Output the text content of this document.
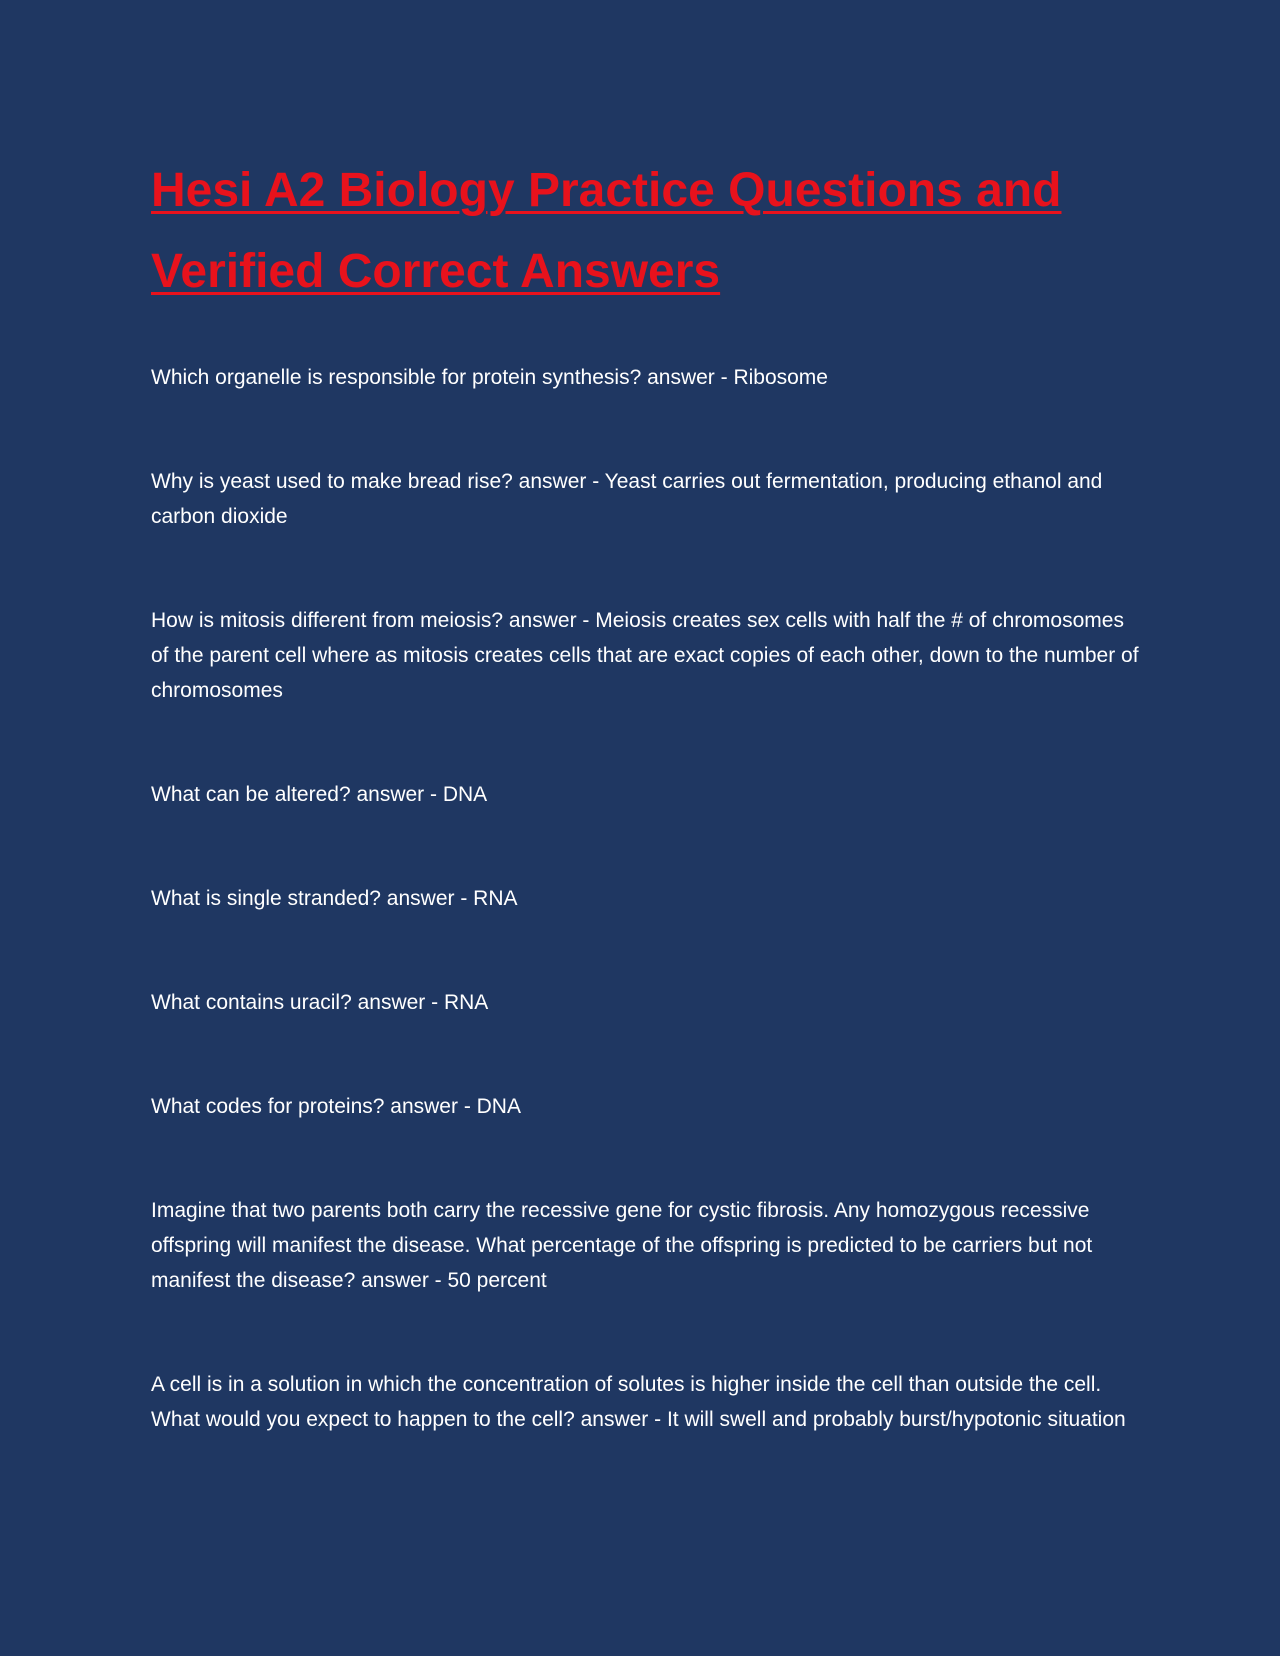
Hesi A2 Biology Practice Questions and Verified Correct Answers

Which organelle is responsible for protein synthesis? answer - Ribosome

Why is yeast used to make bread rise? answer - Yeast carries out fermentation, producing ethanol and carbon dioxide

How is mitosis different from meiosis? answer - Meiosis creates sex cells with half the # of chromosomes of the parent cell where as mitosis creates cells that are exact copies of each other, down to the number of chromosomes

What can be altered? answer - DNA

What is single stranded? answer - RNA

What contains uracil? answer - RNA

What codes for proteins? answer - DNA

Imagine that two parents both carry the recessive gene for cystic fibrosis. Any homozygous recessive offspring will manifest the disease. What percentage of the offspring is predicted to be carriers but not manifest the disease? answer - 50 percent

A cell is in a solution in which the concentration of solutes is higher inside the cell than outside the cell. What would you expect to happen to the cell? answer - It will swell and probably burst/hypotonic situation
